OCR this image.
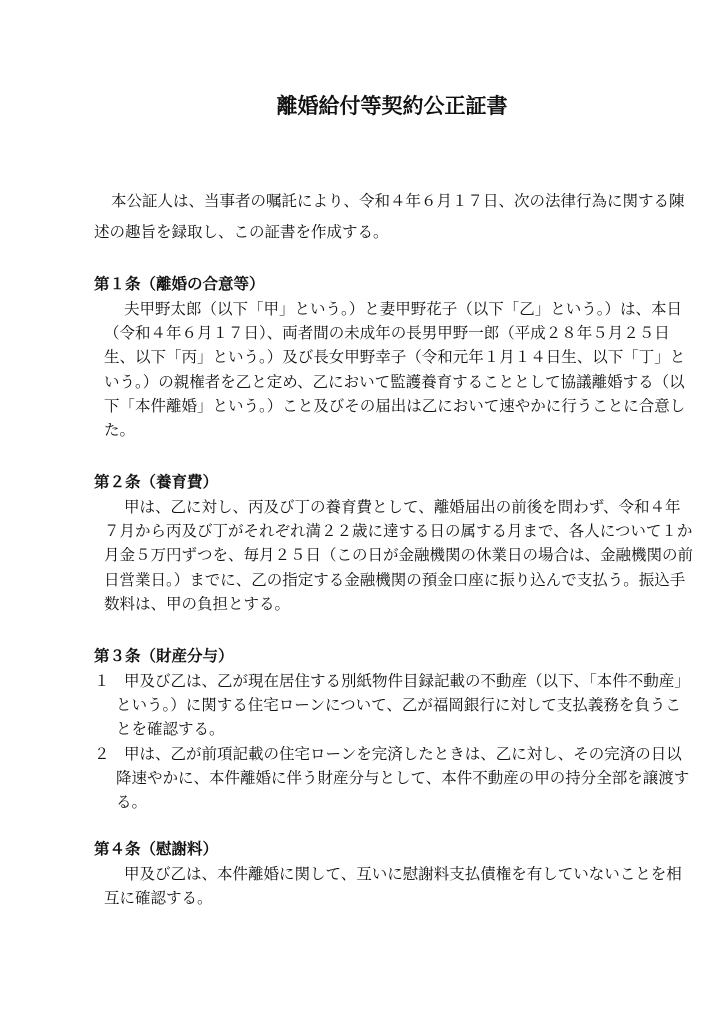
離婚給付等契約公正証書

本公証人は、当事者の嘱託により、令和４年６月１７日、次の法律行為に関する陳述の趣旨を録取し、この証書を作成する。

第１条（離婚の合意等）

夫甲野太郎（以下「甲」という。）と妻甲野花子（以下「乙」という。）は、本日（令和４年６月１７日）、両者間の未成年の長男甲野一郎（平成２８年５月２５日生、以下「丙」という。）及び長女甲野幸子（令和元年１月１４日生、以下「丁」という。）の親権者を乙と定め、乙において監護養育することとして協議離婚する（以下「本件離婚」という。）こと及びその届出は乙において速やかに行うことに合意した。

第２条（養育費）

甲は、乙に対し、丙及び丁の養育費として、離婚届出の前後を問わず、令和４年７月から丙及び丁がそれぞれ満２２歳に達する日の属する月まで、各人について１か月金５万円ずつを、毎月２５日（この日が金融機関の休業日の場合は、金融機関の前日営業日。）までに、乙の指定する金融機関の預金口座に振り込んで支払う。振込手数料は、甲の負担とする。

第３条（財産分与）

１ 甲及び乙は、乙が現在居住する別紙物件目録記載の不動産（以下、「本件不動産」という。）に関する住宅ローンについて、乙が福岡銀行に対して支払義務を負うことを確認する。
２ 甲は、乙が前項記載の住宅ローンを完済したときは、乙に対し、その完済の日以降速やかに、本件離婚に伴う財産分与として、本件不動産の甲の持分全部を譲渡する。

第４条（慰謝料）

甲及び乙は、本件離婚に関して、互いに慰謝料支払債権を有していないことを相互に確認する。
